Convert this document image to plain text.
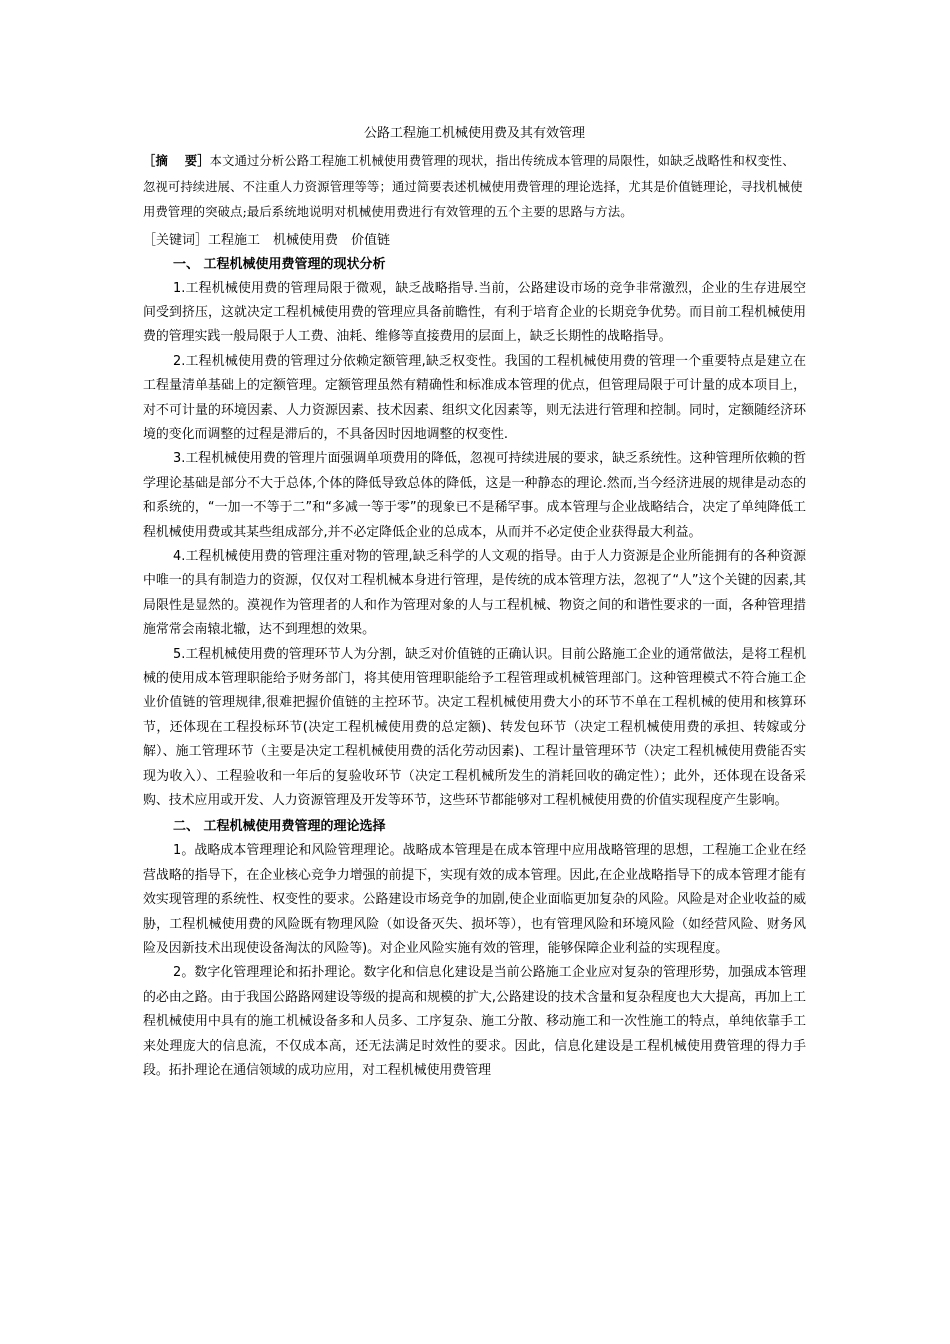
公路工程施工机械使用费及其有效管理

［摘　 要］本文通过分析公路工程施工机械使用费管理的现状，指出传统成本管理的局限性，如缺乏战略性和权变性、忽视可持续进展、不注重人力资源管理等等；通过简要表述机械使用费管理的理论选择，尤其是价值链理论，寻找机械使用费管理的突破点;最后系统地说明对机械使用费进行有效管理的五个主要的思路与方法。

［关键词］工程施工　机械使用费　价值链

一、 工程机械使用费管理的现状分析

1.工程机械使用费的管理局限于微观，缺乏战略指导.当前，公路建设市场的竞争非常激烈，企业的生存进展空间受到挤压，这就决定工程机械使用费的管理应具备前瞻性，有利于培育企业的长期竞争优势。而目前工程机械使用费的管理实践一般局限于人工费、油耗、维修等直接费用的层面上，缺乏长期性的战略指导。

2.工程机械使用费的管理过分依赖定额管理,缺乏权变性。我国的工程机械使用费的管理一个重要特点是建立在工程量清单基础上的定额管理。定额管理虽然有精确性和标准成本管理的优点，但管理局限于可计量的成本项目上，对不可计量的环境因素、人力资源因素、技术因素、组织文化因素等，则无法进行管理和控制。同时，定额随经济环境的变化而调整的过程是滞后的，不具备因时因地调整的权变性.

3.工程机械使用费的管理片面强调单项费用的降低，忽视可持续进展的要求，缺乏系统性。这种管理所依赖的哲学理论基础是部分不大于总体,个体的降低导致总体的降低，这是一种静态的理论.然而,当今经济进展的规律是动态的和系统的，“一加一不等于二”和“多减一等于零”的现象已不是稀罕事。成本管理与企业战略结合，决定了单纯降低工程机械使用费或其某些组成部分,并不必定降低企业的总成本，从而并不必定使企业获得最大利益。

4.工程机械使用费的管理注重对物的管理,缺乏科学的人文观的指导。由于人力资源是企业所能拥有的各种资源中唯一的具有制造力的资源，仅仅对工程机械本身进行管理，是传统的成本管理方法，忽视了“人”这个关键的因素,其局限性是显然的。漠视作为管理者的人和作为管理对象的人与工程机械、物资之间的和谐性要求的一面，各种管理措施常常会南辕北辙，达不到理想的效果。

5.工程机械使用费的管理环节人为分割，缺乏对价值链的正确认识。目前公路施工企业的通常做法，是将工程机械的使用成本管理职能给予财务部门，将其使用管理职能给予工程管理或机械管理部门。这种管理模式不符合施工企业价值链的管理规律,很难把握价值链的主控环节。决定工程机械使用费大小的环节不单在工程机械的使用和核算环节，还体现在工程投标环节(决定工程机械使用费的总定额)、转发包环节（决定工程机械使用费的承担、转嫁或分解）、施工管理环节（主要是决定工程机械使用费的活化劳动因素)、工程计量管理环节（决定工程机械使用费能否实现为收入）、工程验收和一年后的复验收环节（决定工程机械所发生的消耗回收的确定性）；此外，还体现在设备采购、技术应用或开发、人力资源管理及开发等环节，这些环节都能够对工程机械使用费的价值实现程度产生影响。

二、 工程机械使用费管理的理论选择

1。战略成本管理理论和风险管理理论。战略成本管理是在成本管理中应用战略管理的思想，工程施工企业在经营战略的指导下，在企业核心竞争力增强的前提下，实现有效的成本管理。因此,在企业战略指导下的成本管理才能有效实现管理的系统性、权变性的要求。公路建设市场竞争的加剧,使企业面临更加复杂的风险。风险是对企业收益的威胁，工程机械使用费的风险既有物理风险（如设备灭失、损坏等），也有管理风险和环境风险（如经营风险、财务风险及因新技术出现使设备淘汰的风险等)。对企业风险实施有效的管理，能够保障企业利益的实现程度。

2。数字化管理理论和拓扑理论。数字化和信息化建设是当前公路施工企业应对复杂的管理形势，加强成本管理的必由之路。由于我国公路路网建设等级的提高和规模的扩大,公路建设的技术含量和复杂程度也大大提高，再加上工程机械使用中具有的施工机械设备多和人员多、工序复杂、施工分散、移动施工和一次性施工的特点，单纯依靠手工来处理庞大的信息流，不仅成本高，还无法满足时效性的要求。因此，信息化建设是工程机械使用费管理的得力手段。拓扑理论在通信领域的成功应用，对工程机械使用费管理
